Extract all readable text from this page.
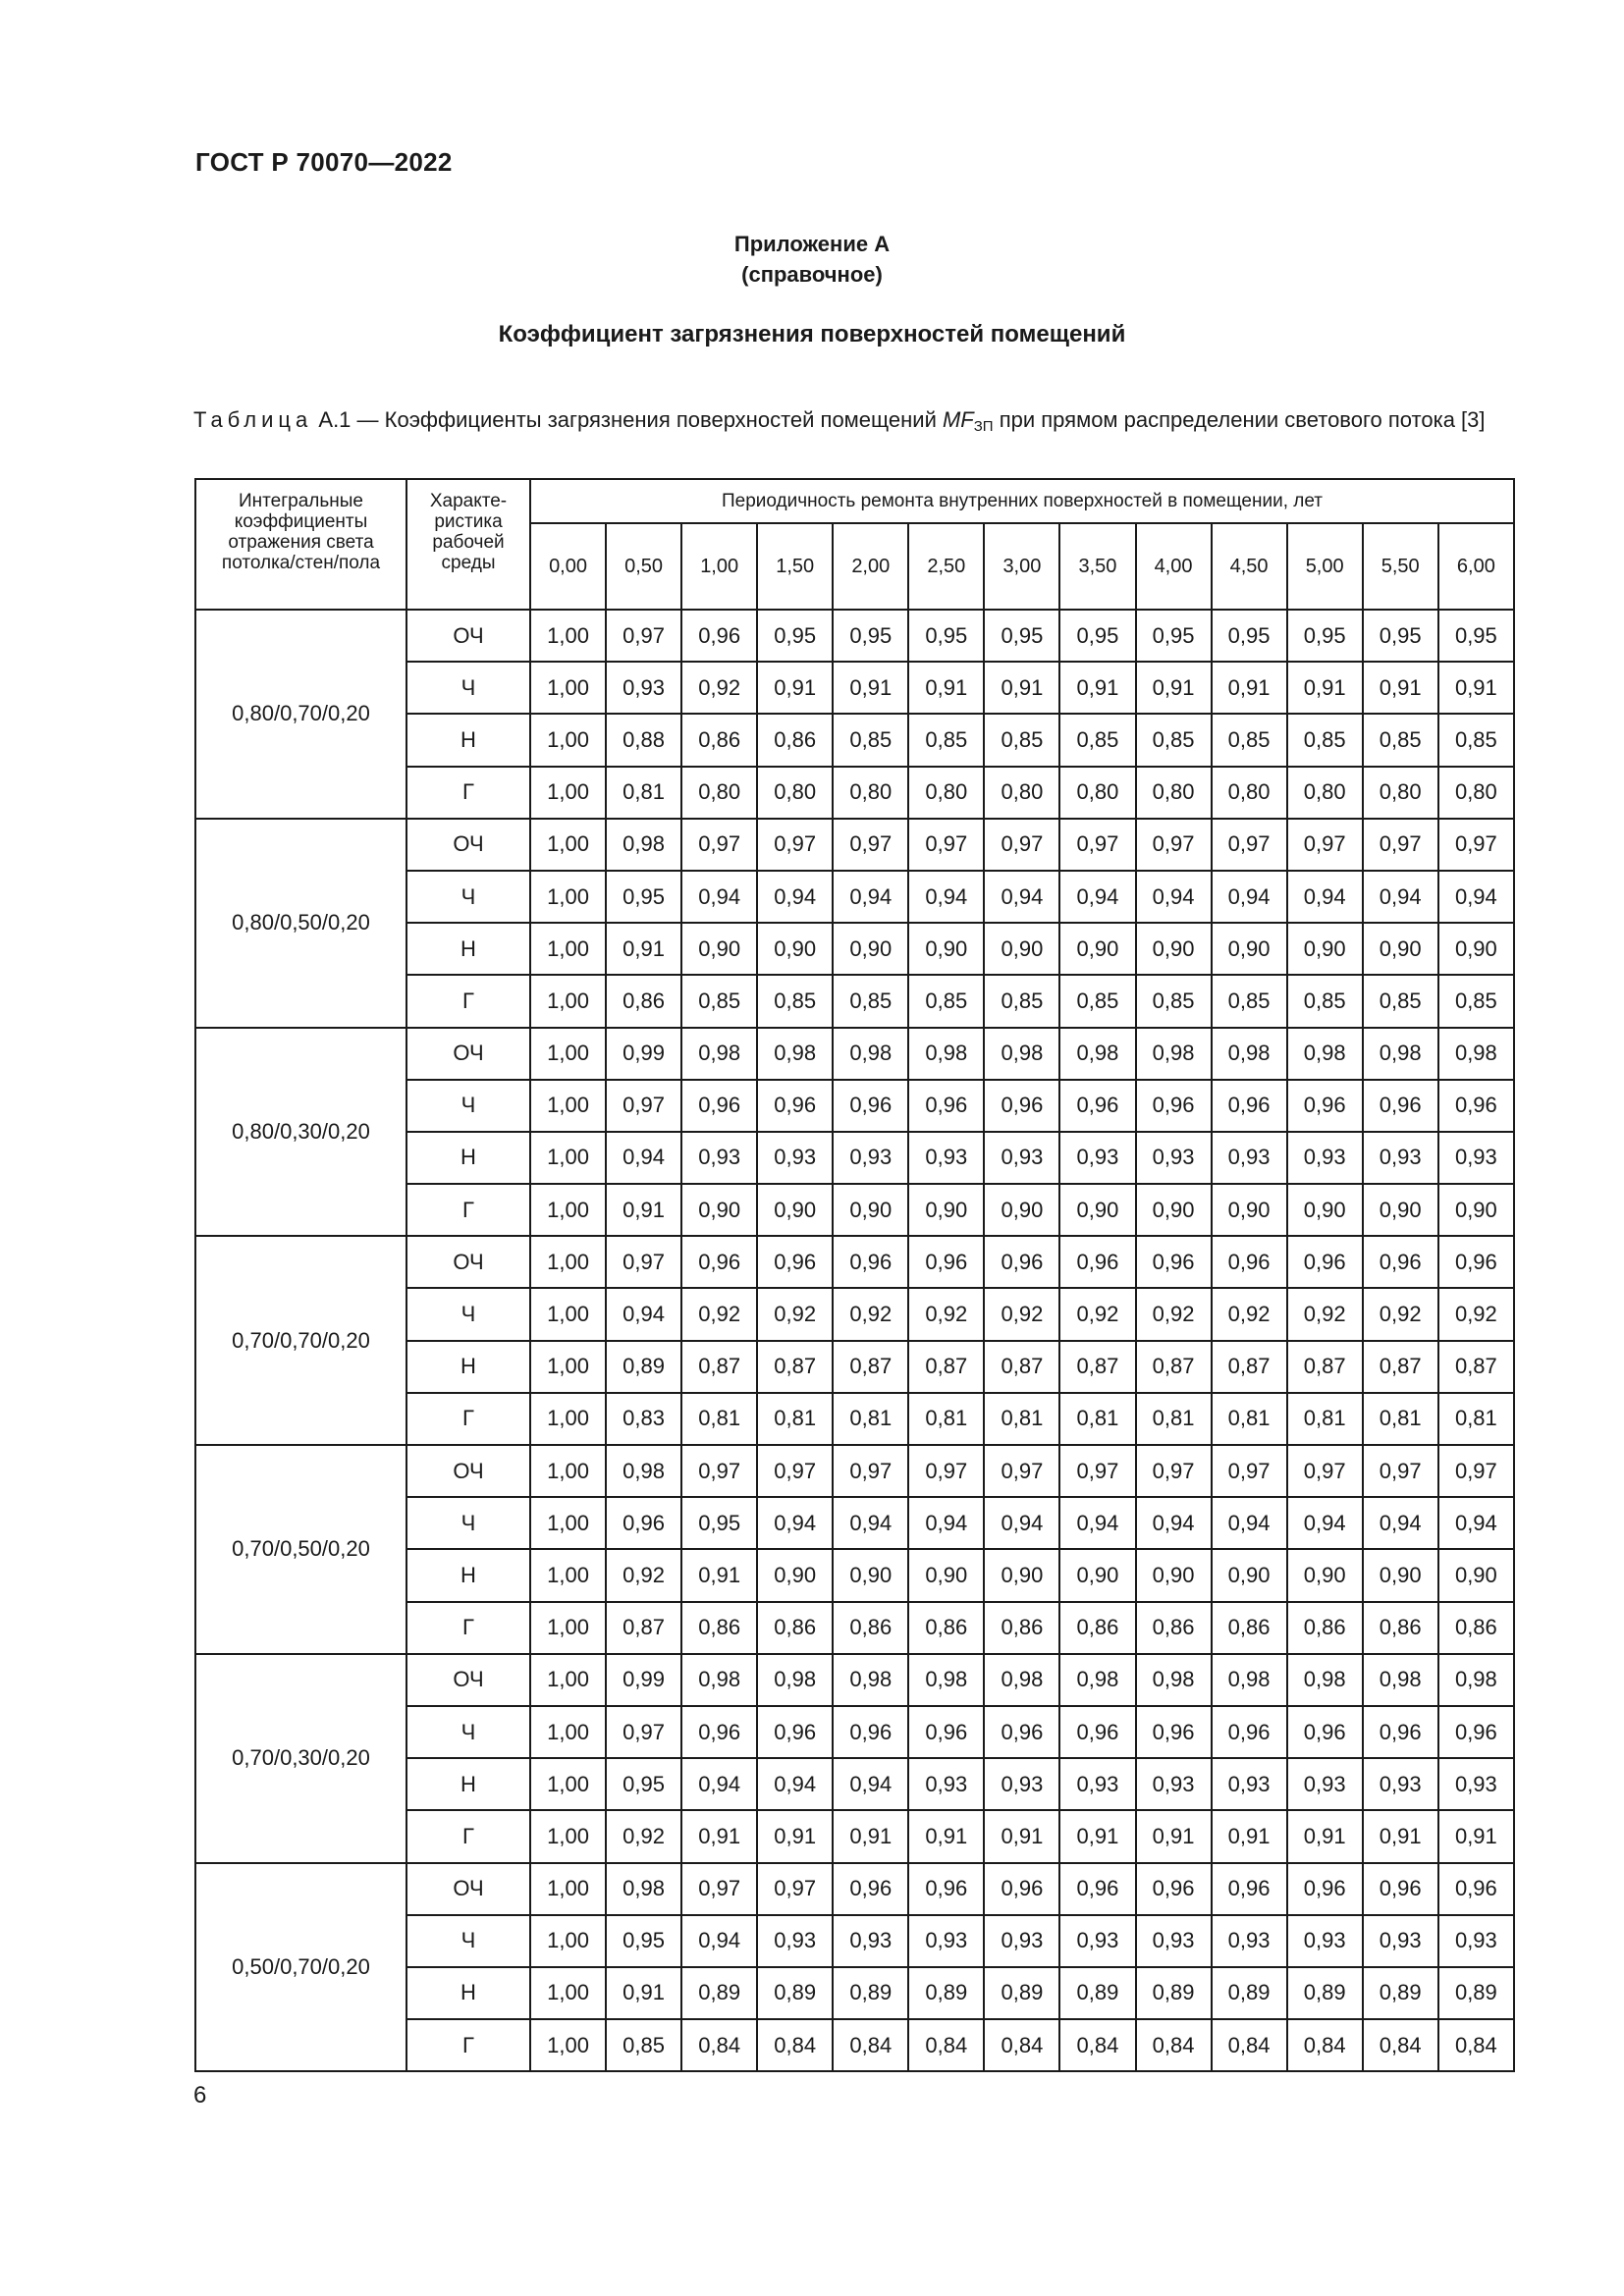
ГОСТ Р 70070—2022
Приложение А
(справочное)
Коэффициент загрязнения поверхностей помещений
Таблица А.1 — Коэффициенты загрязнения поверхностей помещений $MF_{ЗП}$ при прямом распределении светового потока [3]
Интегральные коэффициенты отражения света потолка/стен/пола	Характе-ристика рабочей среды	Периодичность ремонта внутренних поверхностей в помещении, лет												
		0,00	0,50	1,00	1,50	2,00	2,50	3,00	3,50	4,00	4,50	5,00	5,50	6,00
0,80/0,70/0,20	ОЧ	1,00	0,97	0,96	0,95	0,95	0,95	0,95	0,95	0,95	0,95	0,95	0,95	0,95
	Ч	1,00	0,93	0,92	0,91	0,91	0,91	0,91	0,91	0,91	0,91	0,91	0,91	0,91
	Н	1,00	0,88	0,86	0,86	0,85	0,85	0,85	0,85	0,85	0,85	0,85	0,85	0,85
	Г	1,00	0,81	0,80	0,80	0,80	0,80	0,80	0,80	0,80	0,80	0,80	0,80	0,80
0,80/0,50/0,20	ОЧ	1,00	0,98	0,97	0,97	0,97	0,97	0,97	0,97	0,97	0,97	0,97	0,97	0,97
	Ч	1,00	0,95	0,94	0,94	0,94	0,94	0,94	0,94	0,94	0,94	0,94	0,94	0,94
	Н	1,00	0,91	0,90	0,90	0,90	0,90	0,90	0,90	0,90	0,90	0,90	0,90	0,90
	Г	1,00	0,86	0,85	0,85	0,85	0,85	0,85	0,85	0,85	0,85	0,85	0,85	0,85
0,80/0,30/0,20	ОЧ	1,00	0,99	0,98	0,98	0,98	0,98	0,98	0,98	0,98	0,98	0,98	0,98	0,98
	Ч	1,00	0,97	0,96	0,96	0,96	0,96	0,96	0,96	0,96	0,96	0,96	0,96	0,96
	Н	1,00	0,94	0,93	0,93	0,93	0,93	0,93	0,93	0,93	0,93	0,93	0,93	0,93
	Г	1,00	0,91	0,90	0,90	0,90	0,90	0,90	0,90	0,90	0,90	0,90	0,90	0,90
0,70/0,70/0,20	ОЧ	1,00	0,97	0,96	0,96	0,96	0,96	0,96	0,96	0,96	0,96	0,96	0,96	0,96
	Ч	1,00	0,94	0,92	0,92	0,92	0,92	0,92	0,92	0,92	0,92	0,92	0,92	0,92
	Н	1,00	0,89	0,87	0,87	0,87	0,87	0,87	0,87	0,87	0,87	0,87	0,87	0,87
	Г	1,00	0,83	0,81	0,81	0,81	0,81	0,81	0,81	0,81	0,81	0,81	0,81	0,81
0,70/0,50/0,20	ОЧ	1,00	0,98	0,97	0,97	0,97	0,97	0,97	0,97	0,97	0,97	0,97	0,97	0,97
	Ч	1,00	0,96	0,95	0,94	0,94	0,94	0,94	0,94	0,94	0,94	0,94	0,94	0,94
	Н	1,00	0,92	0,91	0,90	0,90	0,90	0,90	0,90	0,90	0,90	0,90	0,90	0,90
	Г	1,00	0,87	0,86	0,86	0,86	0,86	0,86	0,86	0,86	0,86	0,86	0,86	0,86
0,70/0,30/0,20	ОЧ	1,00	0,99	0,98	0,98	0,98	0,98	0,98	0,98	0,98	0,98	0,98	0,98	0,98
	Ч	1,00	0,97	0,96	0,96	0,96	0,96	0,96	0,96	0,96	0,96	0,96	0,96	0,96
	Н	1,00	0,95	0,94	0,94	0,94	0,93	0,93	0,93	0,93	0,93	0,93	0,93	0,93
	Г	1,00	0,92	0,91	0,91	0,91	0,91	0,91	0,91	0,91	0,91	0,91	0,91	0,91
0,50/0,70/0,20	ОЧ	1,00	0,98	0,97	0,97	0,96	0,96	0,96	0,96	0,96	0,96	0,96	0,96	0,96
	Ч	1,00	0,95	0,94	0,93	0,93	0,93	0,93	0,93	0,93	0,93	0,93	0,93	0,93
	Н	1,00	0,91	0,89	0,89	0,89	0,89	0,89	0,89	0,89	0,89	0,89	0,89	0,89
	Г	1,00	0,85	0,84	0,84	0,84	0,84	0,84	0,84	0,84	0,84	0,84	0,84	0,84
6
